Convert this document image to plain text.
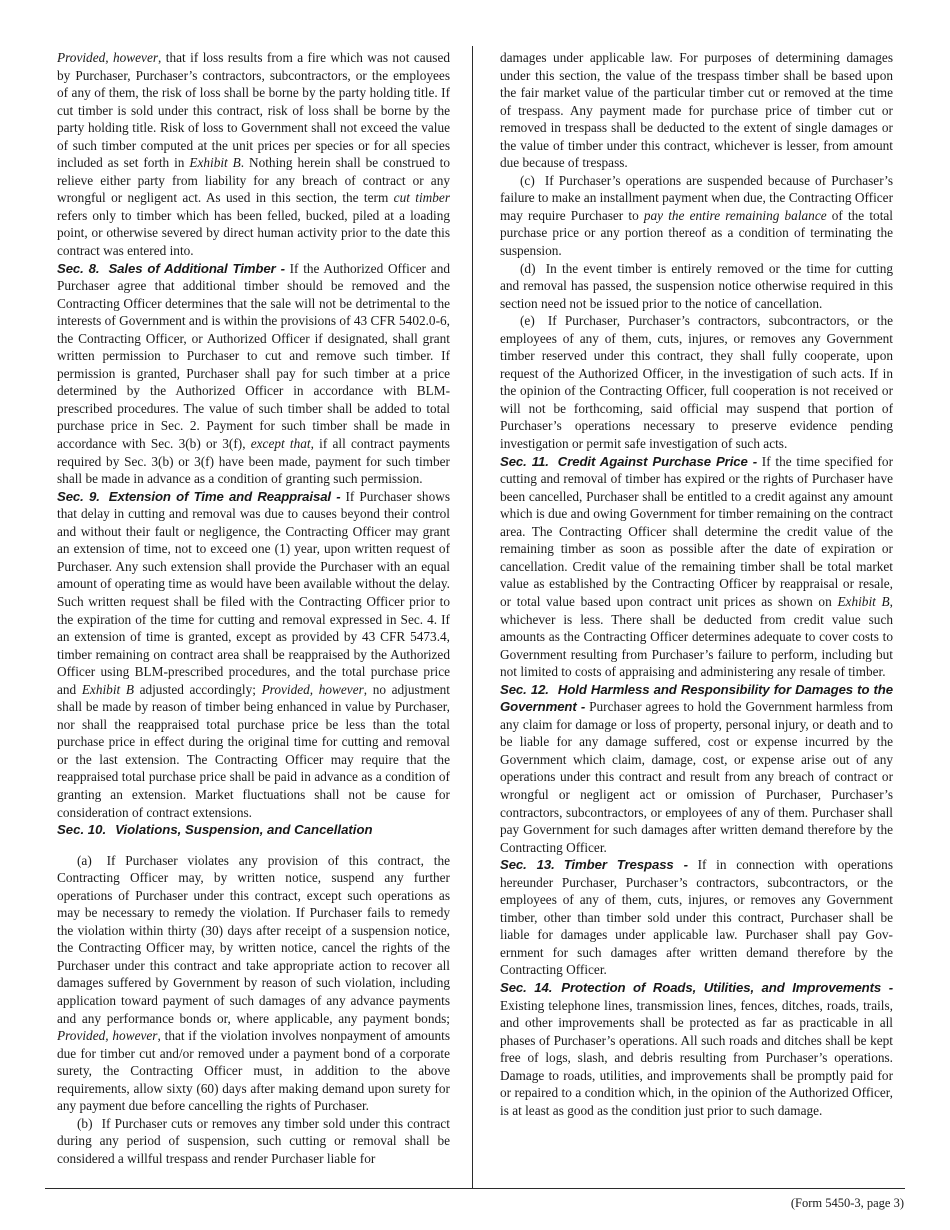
Provided, however, that if loss results from a fire which was not caused by Purchaser, Purchaser’s contractors, subcontractors, or the employees of any of them, the risk of loss shall be borne by the party holding title. If cut timber is sold under this contract, risk of loss shall be borne by the party holding title. Risk of loss to Government shall not exceed the value of such timber computed at the unit prices per species or for all species included as set forth in Exhibit B. Nothing herein shall be construed to relieve either party from liability for any breach of contract or any wrongful or negligent act. As used in this section, the term cut timber refers only to timber which has been felled, bucked, piled at a loading point, or otherwise severed by direct human activity prior to the date this contract was entered into.

Sec. 8. Sales of Additional Timber - If the Authorized Officer and Purchaser agree that additional timber should be removed and the Contracting Officer determines that the sale will not be detrimental to the interests of Government and is within the provisions of 43 CFR 5402.0-6, the Contracting Officer, or Authorized Officer if designated, shall grant written permission to Purchaser to cut and remove such timber. If permission is granted, Purchaser shall pay for such timber at a price determined by the Authorized Officer in accordance with BLM-prescribed procedures. The value of such timber shall be added to total purchase price in Sec. 2. Payment for such timber shall be made in accordance with Sec. 3(b) or 3(f), except that, if all contract payments required by Sec. 3(b) or 3(f) have been made, payment for such timber shall be made in advance as a condition of granting such permission.

Sec. 9. Extension of Time and Reappraisal - If Purchaser shows that delay in cutting and removal was due to causes beyond their control and without their fault or negligence, the Contracting Officer may grant an extension of time, not to exceed one (1) year, upon written request of Purchaser. Any such extension shall provide the Purchaser with an equal amount of operating time as would have been available without the delay. Such written request shall be filed with the Contracting Officer prior to the expiration of the time for cutting and removal expressed in Sec. 4. If an extension of time is granted, except as provided by 43 CFR 5473.4, timber remaining on contract area shall be reappraised by the Authorized Officer using BLM-prescribed procedures, and the total purchase price and Exhibit B adjusted accordingly; Provided, however, no adjustment shall be made by reason of timber being enhanced in value by Purchaser, nor shall the reappraised total purchase price be less than the total purchase price in effect during the original time for cutting and removal or the last extension. The Contracting Officer may require that the reappraised total purchase price shall be paid in advance as a condition of granting an extension. Market fluctuations shall not be cause for consideration of contract extensions.

Sec. 10. Violations, Suspension, and Cancellation

(a) If Purchaser violates any provision of this contract, the Contracting Officer may, by written notice, suspend any further operations of Purchaser under this contract, except such operations as may be necessary to remedy the violation. If Purchaser fails to remedy the violation within thirty (30) days after receipt of a suspension notice, the Contracting Officer may, by written notice, cancel the rights of the Purchaser under this contract and take appropriate action to recover all damages suffered by Government by reason of such violation, including application toward payment of such damages of any advance payments and any performance bonds or, where applicable, any payment bonds; Provided, however, that if the violation involves nonpayment of amounts due for timber cut and/or removed under a payment bond of a corporate surety, the Contracting Officer must, in addition to the above requirements, allow sixty (60) days after making demand upon surety for any payment due before cancelling the rights of Purchaser.

(b) If Purchaser cuts or removes any timber sold under this contract during any period of suspension, such cutting or removal shall be considered a willful trespass and render Purchaser liable for

damages under applicable law. For purposes of determining damages under this section, the value of the trespass timber shall be based upon the fair market value of the particular timber cut or removed at the time of trespass. Any payment made for purchase price of timber cut or removed in trespass shall be deducted to the extent of single damages or the value of timber under this contract, whichever is lesser, from amount due because of trespass.

(c) If Purchaser’s operations are suspended because of Purchaser’s failure to make an installment payment when due, the Contracting Officer may require Purchaser to pay the entire remaining balance of the total purchase price or any portion thereof as a condition of terminating the suspension.

(d) In the event timber is entirely removed or the time for cutting and removal has passed, the suspension notice otherwise required in this section need not be issued prior to the notice of cancellation.

(e) If Purchaser, Purchaser’s contractors, subcontractors, or the employees of any of them, cuts, injures, or removes any Government timber reserved under this contract, they shall fully cooperate, upon request of the Authorized Officer, in the investigation of such acts. If in the opinion of the Contracting Officer, full cooperation is not received or will not be forthcoming, said official may suspend that portion of Purchaser’s operations necessary to preserve evidence pending investigation or permit safe investigation of such acts.

Sec. 11. Credit Against Purchase Price - If the time specified for cutting and removal of timber has expired or the rights of Purchaser have been cancelled, Purchaser shall be entitled to a credit against any amount which is due and owing Government for timber remaining on the contract area. The Contracting Officer shall determine the credit value of the remaining timber as soon as possible after the date of expiration or cancellation. Credit value of the remaining timber shall be total market value as established by the Contracting Officer by reappraisal or resale, or total value based upon contract unit prices as shown on Exhibit B, whichever is less. There shall be deducted from credit value such amounts as the Contracting Officer determines adequate to cover costs to Government resulting from Purchaser’s failure to perform, including but not limited to costs of appraising and administering any resale of timber.

Sec. 12. Hold Harmless and Responsibility for Damages to the Government - Purchaser agrees to hold the Government harmless from any claim for damage or loss of property, personal injury, or death and to be liable for any damage suffered, cost or expense incurred by the Government which claim, damage, cost, or expense arise out of any operations under this contract and result from any breach of contract or wrongful or negligent act or omission of Purchaser, Purchaser’s contractors, subcontractors, or employees of any of them. Purchaser shall pay Government for such damages after written demand therefore by the Contracting Officer.

Sec. 13. Timber Trespass - If in connection with operations hereunder Purchaser, Purchaser’s contractors, subcontractors, or the employees of any of them, cuts, injures, or removes any Government timber, other than timber sold under this contract, Purchaser shall be liable for damages under applicable law. Purchaser shall pay Gov-ernment for such damages after written demand therefore by the Contracting Officer.

Sec. 14. Protection of Roads, Utilities, and Improvements - Existing telephone lines, transmission lines, fences, ditches, roads, trails, and other improvements shall be protected as far as practicable in all phases of Purchaser’s operations. All such roads and ditches shall be kept free of logs, slash, and debris resulting from Purchaser’s operations. Damage to roads, utilities, and improvements shall be promptly paid for or repaired to a condition which, in the opinion of the Authorized Officer, is at least as good as the condition just prior to such damage.

(Form 5450-3, page 3)
